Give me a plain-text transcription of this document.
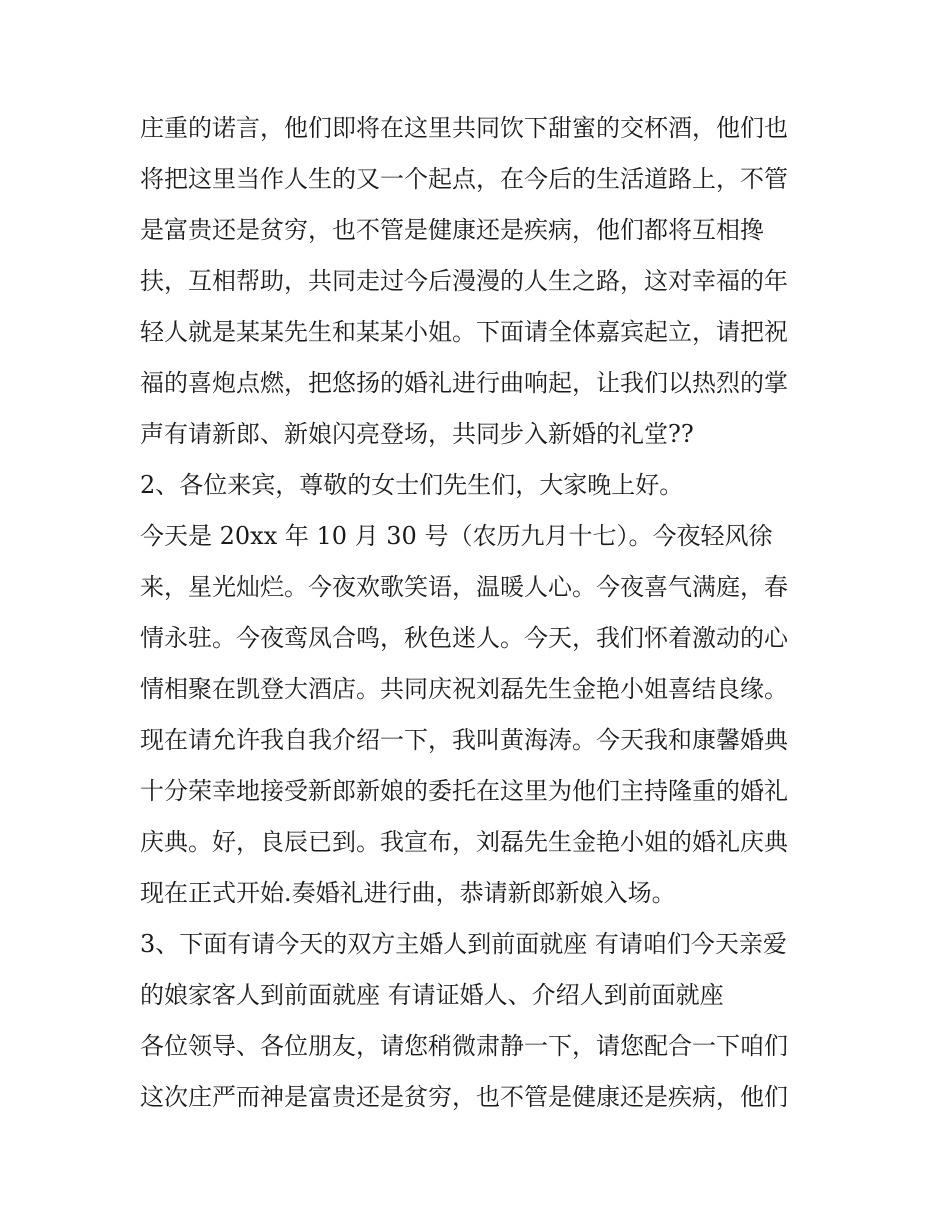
庄重的诺言，他们即将在这里共同饮下甜蜜的交杯酒，他们也
将把这里当作人生的又一个起点，在今后的生活道路上，不管
是富贵还是贫穷，也不管是健康还是疾病，他们都将互相搀
扶，互相帮助，共同走过今后漫漫的人生之路，这对幸福的年
轻人就是某某先生和某某小姐。下面请全体嘉宾起立，请把祝
福的喜炮点燃，把悠扬的婚礼进行曲响起，让我们以热烈的掌
声有请新郎、新娘闪亮登场，共同步入新婚的礼堂??
2、各位来宾，尊敬的女士们先生们，大家晚上好。
今天是 20xx 年 10 月 30 号（农历九月十七）。今夜轻风徐
来，星光灿烂。今夜欢歌笑语，温暖人心。今夜喜气满庭，春
情永驻。今夜鸾凤合鸣，秋色迷人。今天，我们怀着激动的心
情相聚在凯登大酒店。共同庆祝刘磊先生金艳小姐喜结良缘。
现在请允许我自我介绍一下，我叫黄海涛。今天我和康馨婚典
十分荣幸地接受新郎新娘的委托在这里为他们主持隆重的婚礼
庆典。好，良辰已到。我宣布，刘磊先生金艳小姐的婚礼庆典
现在正式开始.奏婚礼进行曲，恭请新郎新娘入场。
3、下面有请今天的双方主婚人到前面就座 有请咱们今天亲爱
的娘家客人到前面就座 有请证婚人、介绍人到前面就座
各位领导、各位朋友，请您稍微肃静一下，请您配合一下咱们
这次庄严而神是富贵还是贫穷，也不管是健康还是疾病，他们
